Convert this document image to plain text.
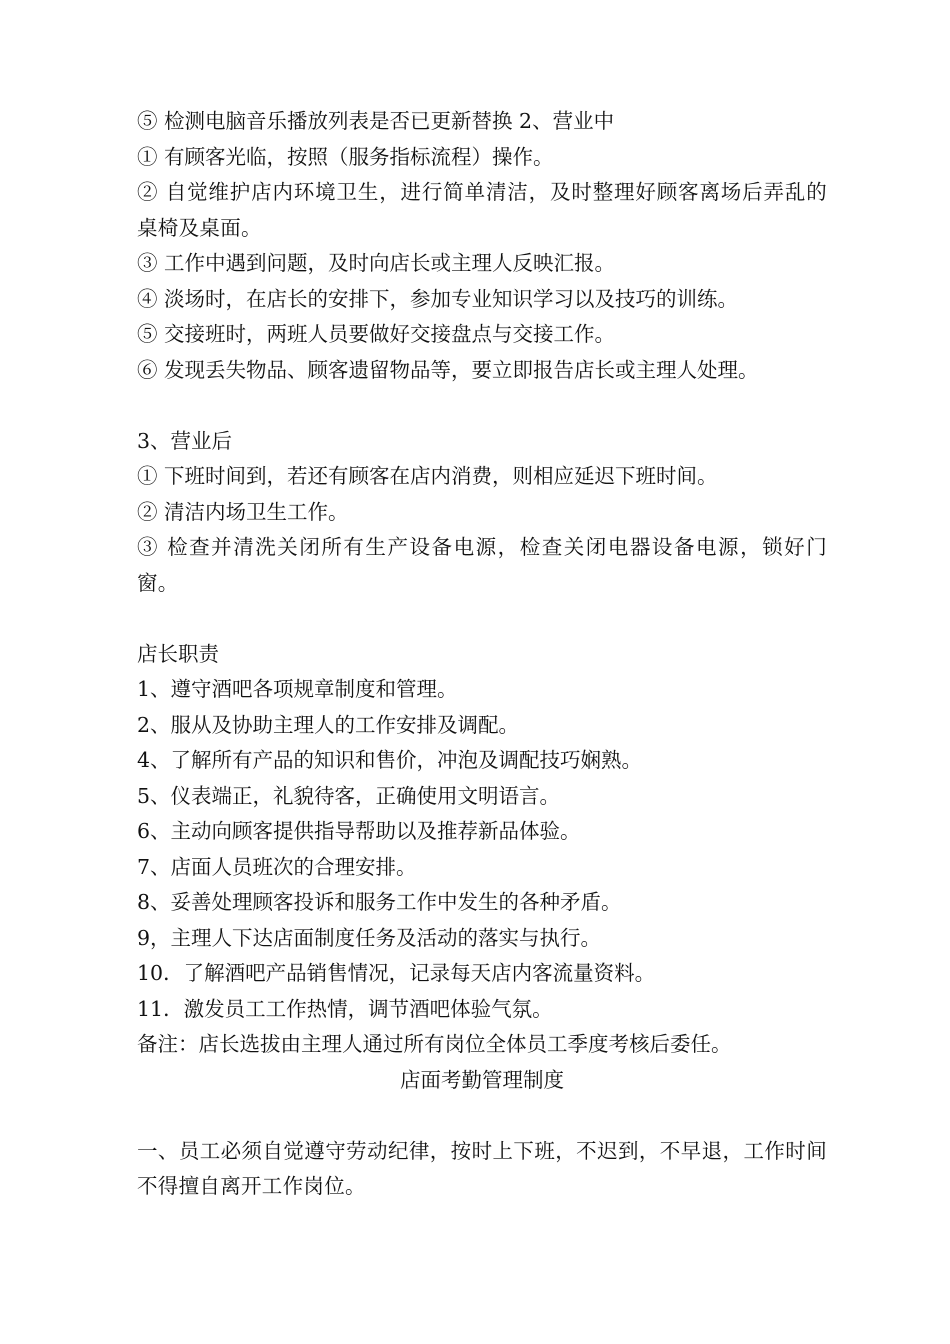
⑤ 检测电脑音乐播放列表是否已更新替换 2、营业中
① 有顾客光临，按照（服务指标流程）操作。
② 自觉维护店内环境卫生，进行简单清洁，及时整理好顾客离场后弄乱的桌椅及桌面。
③ 工作中遇到问题，及时向店长或主理人反映汇报。
④ 淡场时，在店长的安排下，参加专业知识学习以及技巧的训练。
⑤ 交接班时，两班人员要做好交接盘点与交接工作。
⑥ 发现丢失物品、顾客遗留物品等，要立即报告店长或主理人处理。
3、营业后
① 下班时间到，若还有顾客在店内消费，则相应延迟下班时间。
② 清洁内场卫生工作。
③ 检查并清洗关闭所有生产设备电源，检查关闭电器设备电源，锁好门窗。
店长职责
1、遵守酒吧各项规章制度和管理。
2、服从及协助主理人的工作安排及调配。
4、了解所有产品的知识和售价，冲泡及调配技巧娴熟。
5、仪表端正，礼貌待客，正确使用文明语言。
6、主动向顾客提供指导帮助以及推荐新品体验。
7、店面人员班次的合理安排。
8、妥善处理顾客投诉和服务工作中发生的各种矛盾。
9，主理人下达店面制度任务及活动的落实与执行。
10．了解酒吧产品销售情况，记录每天店内客流量资料。
11．激发员工工作热情，调节酒吧体验气氛。
备注：店长选拔由主理人通过所有岗位全体员工季度考核后委任。
店面考勤管理制度
一、员工必须自觉遵守劳动纪律，按时上下班，不迟到，不早退，工作时间不得擅自离开工作岗位。
